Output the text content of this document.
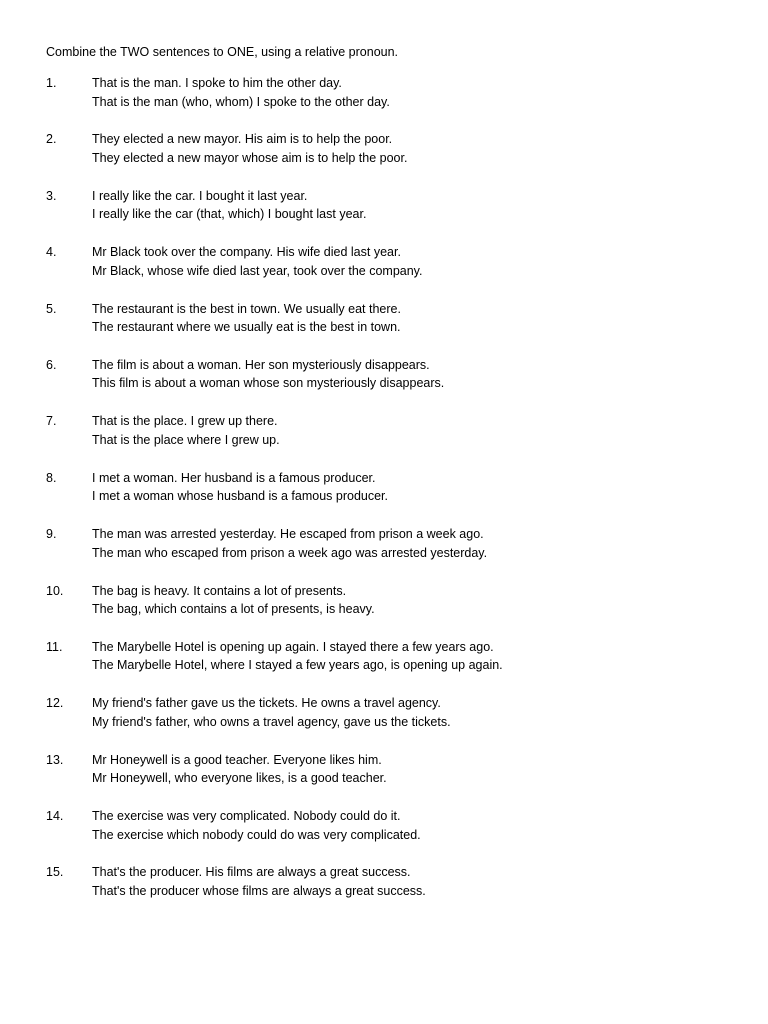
Combine the TWO sentences to ONE, using a relative pronoun.
1.	That is the man. I spoke to him the other day.
That is the man (who, whom) I spoke to the other day.
2.	They elected a new mayor. His aim is to help the poor.
They elected a new mayor whose aim is to help the poor.
3.	I really like the car. I bought it last year.
I really like the car (that, which) I bought last year.
4.	Mr Black took over the company. His wife died last year.
Mr Black, whose wife died last year, took over the company.
5.	The restaurant is the best in town. We usually eat there.
The restaurant where we usually eat is the best in town.
6.	The film is about a woman. Her son mysteriously disappears.
This film is about a woman whose son mysteriously disappears.
7.	That is the place. I grew up there.
That is the place where I grew up.
8.	I met a woman. Her husband is a famous producer.
I met a woman whose husband is a famous producer.
9.	The man was arrested yesterday. He escaped from prison a week ago.
The man who escaped from prison a week ago was arrested yesterday.
10. The bag is heavy. It contains a lot of presents.
The bag, which contains a lot of presents, is heavy.
11. The Marybelle Hotel is opening up again. I stayed there a few years ago.
The Marybelle Hotel, where I stayed a few years ago, is opening up again.
12. My friend's father gave us the tickets. He owns a travel agency.
My friend's father, who owns a travel agency, gave us the tickets.
13. Mr Honeywell is a good teacher. Everyone likes him.
Mr Honeywell, who everyone likes, is a good teacher.
14. The exercise was very complicated. Nobody could do it.
The exercise which nobody could do was very complicated.
15. That's the producer. His films are always a great success.
That's the producer whose films are always a great success.
